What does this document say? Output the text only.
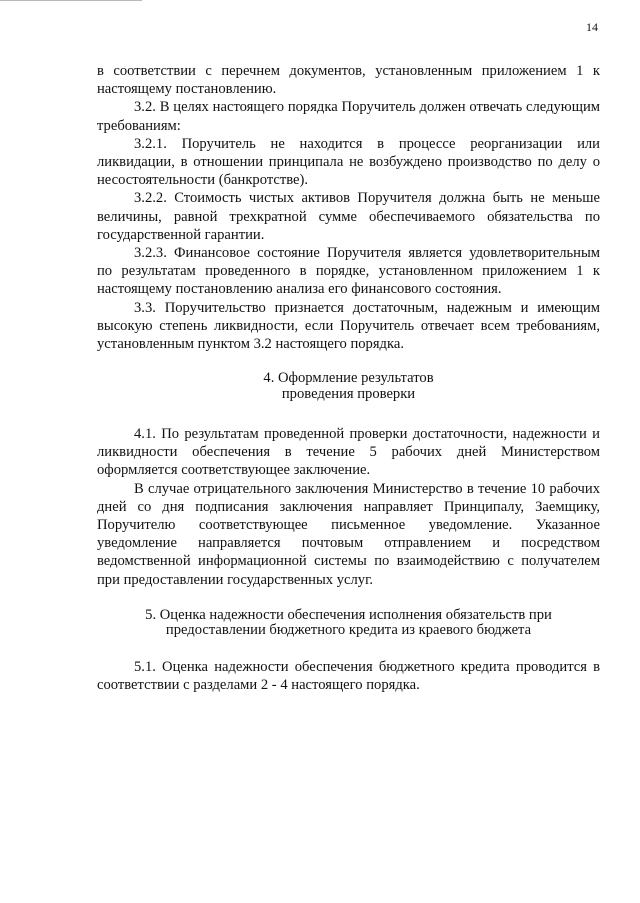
14

в соответствии с перечнем документов, установленным приложением 1 к настоящему постановлению.

3.2. В целях настоящего порядка Поручитель должен отвечать следующим требованиям:

3.2.1. Поручитель не находится в процессе реорганизации или ликвидации, в отношении принципала не возбуждено производство по делу о несостоятельности (банкротстве).

3.2.2. Стоимость чистых активов Поручителя должна быть не меньше величины, равной трехкратной сумме обеспечиваемого обязательства по государственной гарантии.

3.2.3. Финансовое состояние Поручителя является удовлетворительным по результатам проведенного в порядке, установленном приложением 1 к настоящему постановлению анализа его финансового состояния.

3.3. Поручительство признается достаточным, надежным и имеющим высокую степень ликвидности, если Поручитель отвечает всем требованиям, установленным пунктом 3.2 настоящего порядка.

4. Оформление результатов
проведения проверки

4.1. По результатам проведенной проверки достаточности, надежности и ликвидности обеспечения в течение 5 рабочих дней Министерством оформляется соответствующее заключение.

В случае отрицательного заключения Министерство в течение 10 рабочих дней со дня подписания заключения направляет Принципалу, Заемщику, Поручителю соответствующее письменное уведомление. Указанное уведомление направляется почтовым отправлением и посредством ведомственной информационной системы по взаимодействию с получателем при предоставлении государственных услуг.

5. Оценка надежности обеспечения исполнения обязательств при
предоставлении бюджетного кредита из краевого бюджета

5.1. Оценка надежности обеспечения бюджетного кредита проводится в соответствии с разделами 2 - 4 настоящего порядка.
